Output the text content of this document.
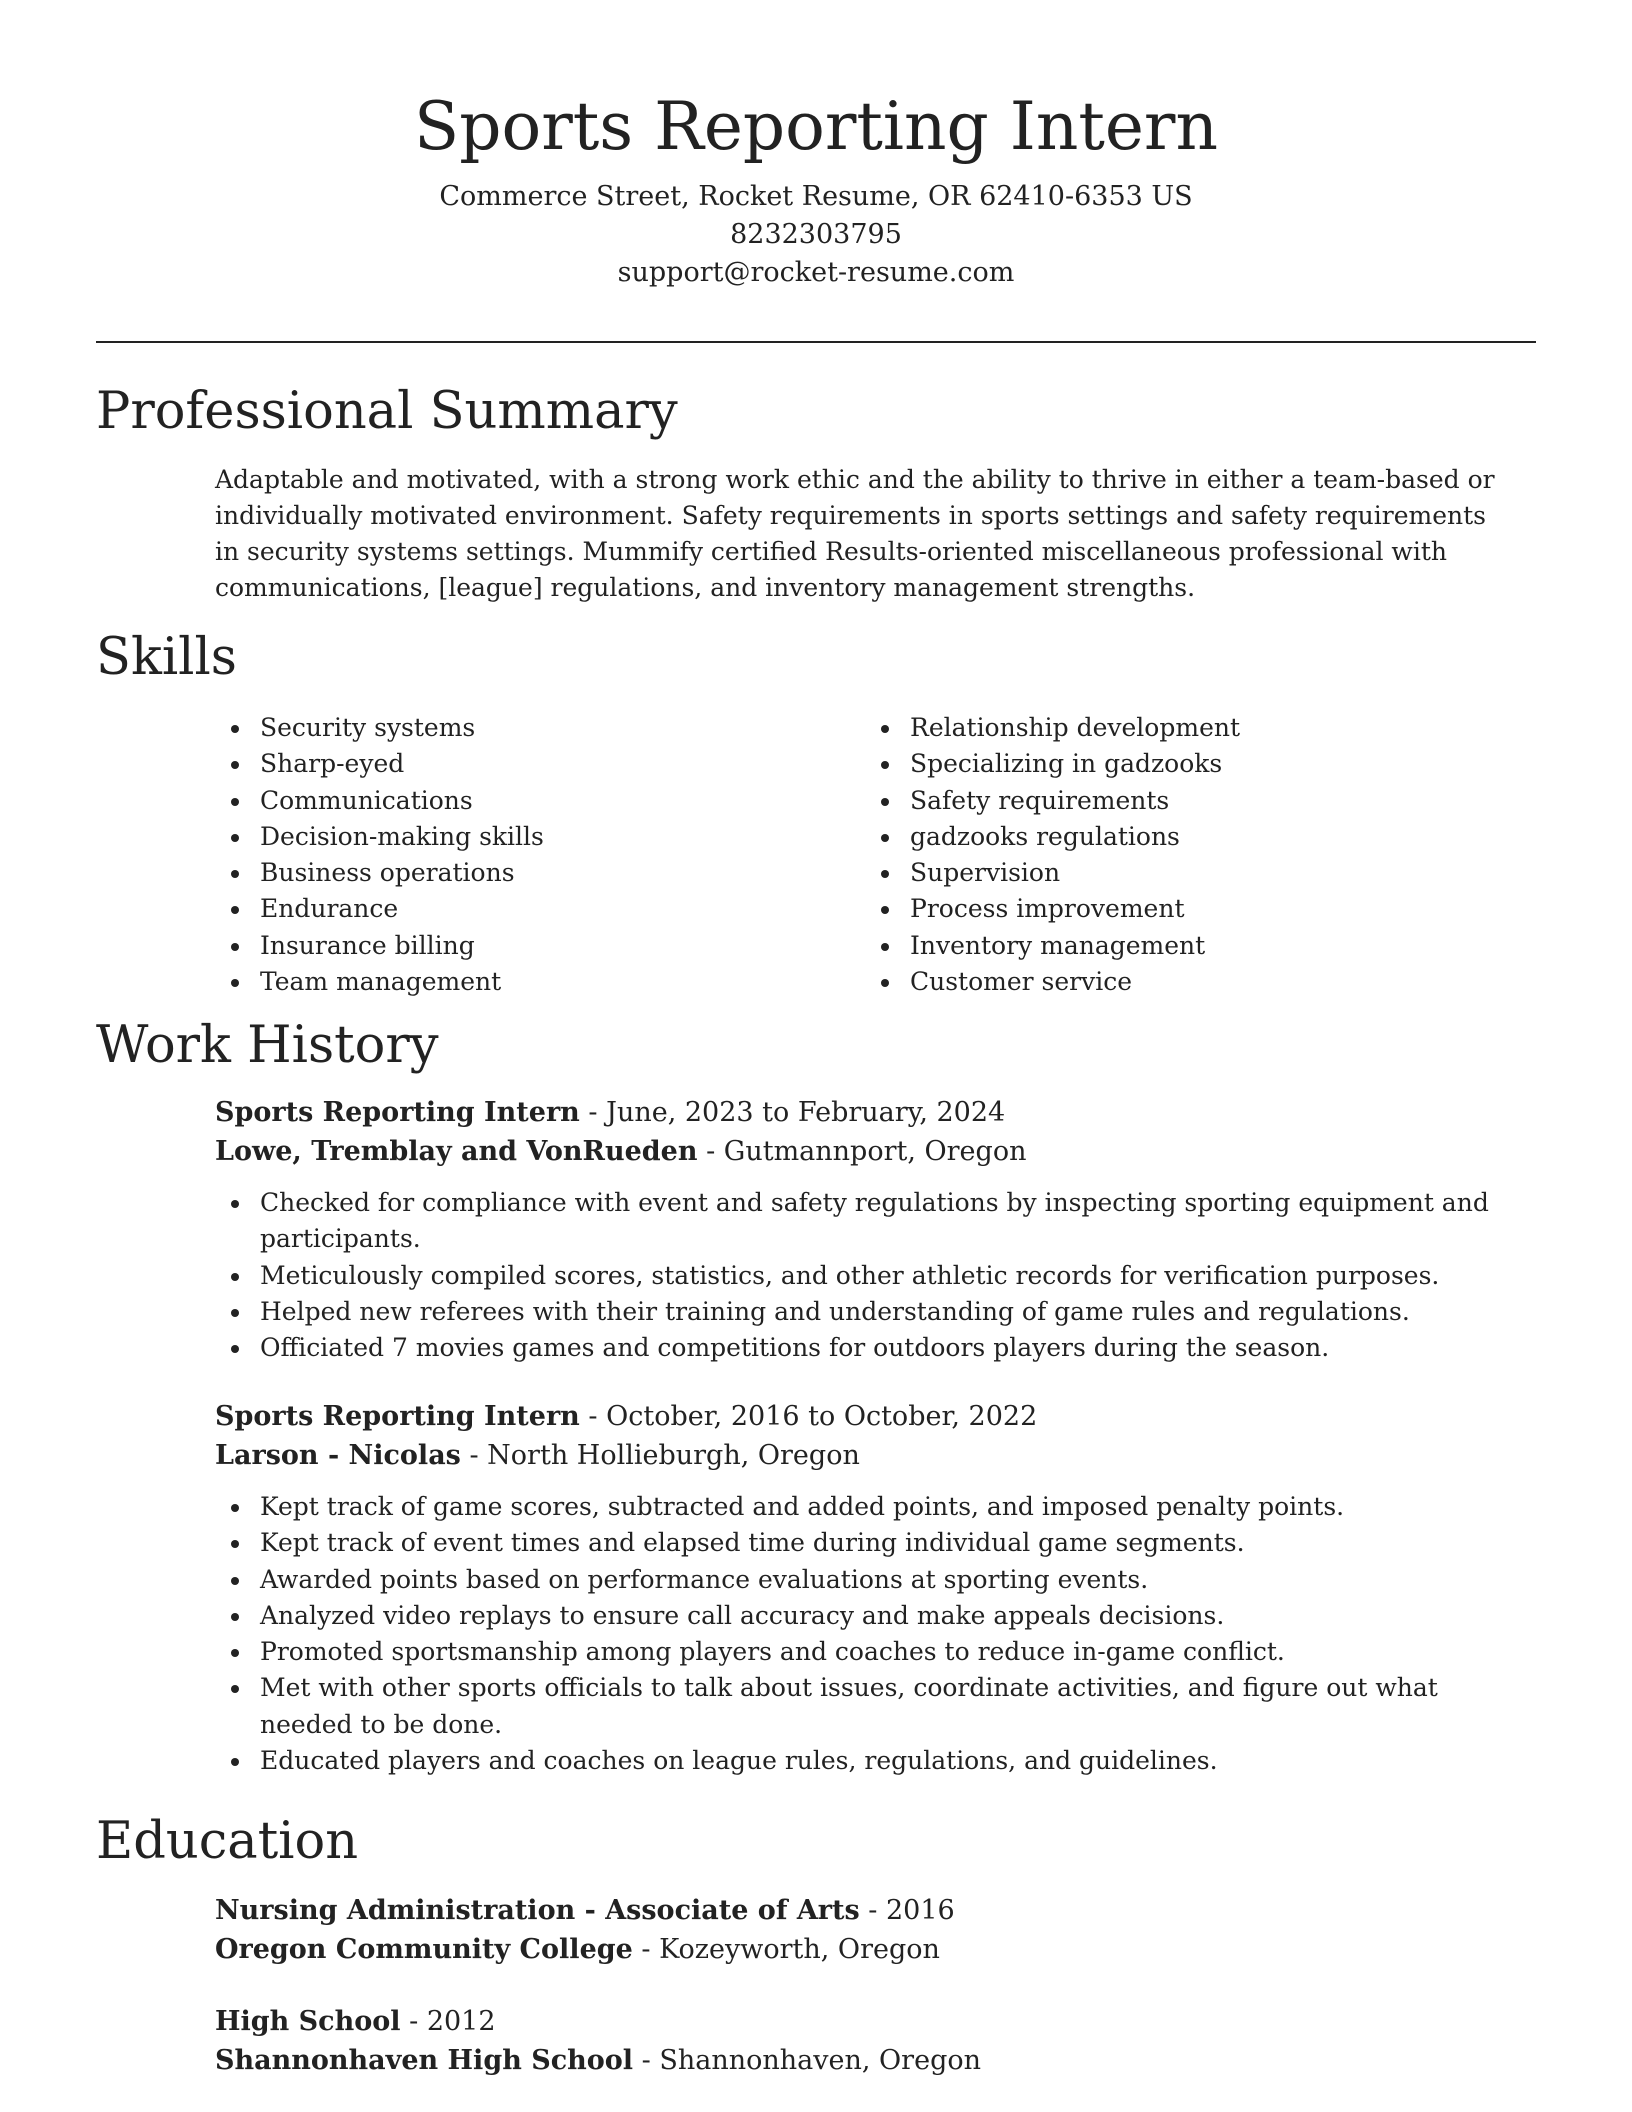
Sports Reporting Intern
Commerce Street, Rocket Resume, OR 62410-6353 US
8232303795
support@rocket-resume.com
Professional Summary
Adaptable and motivated, with a strong work ethic and the ability to thrive in either a team-based or individually motivated environment. Safety requirements in sports settings and safety requirements in security systems settings. Mummify certified Results-oriented miscellaneous professional with communications, [league] regulations, and inventory management strengths.
Skills
Security systems
Sharp-eyed
Communications
Decision-making skills
Business operations
Endurance
Insurance billing
Team management
Relationship development
Specializing in gadzooks
Safety requirements
gadzooks regulations
Supervision
Process improvement
Inventory management
Customer service
Work History
Sports Reporting Intern - June, 2023 to February, 2024
Lowe, Tremblay and VonRueden - Gutmannport, Oregon
Checked for compliance with event and safety regulations by inspecting sporting equipment and participants.
Meticulously compiled scores, statistics, and other athletic records for verification purposes.
Helped new referees with their training and understanding of game rules and regulations.
Officiated 7 movies games and competitions for outdoors players during the season.
Sports Reporting Intern - October, 2016 to October, 2022
Larson - Nicolas - North Hollieburgh, Oregon
Kept track of game scores, subtracted and added points, and imposed penalty points.
Kept track of event times and elapsed time during individual game segments.
Awarded points based on performance evaluations at sporting events.
Analyzed video replays to ensure call accuracy and make appeals decisions.
Promoted sportsmanship among players and coaches to reduce in-game conflict.
Met with other sports officials to talk about issues, coordinate activities, and figure out what needed to be done.
Educated players and coaches on league rules, regulations, and guidelines.
Education
Nursing Administration - Associate of Arts - 2016
Oregon Community College - Kozeyworth, Oregon
High School - 2012
Shannonhaven High School - Shannonhaven, Oregon
